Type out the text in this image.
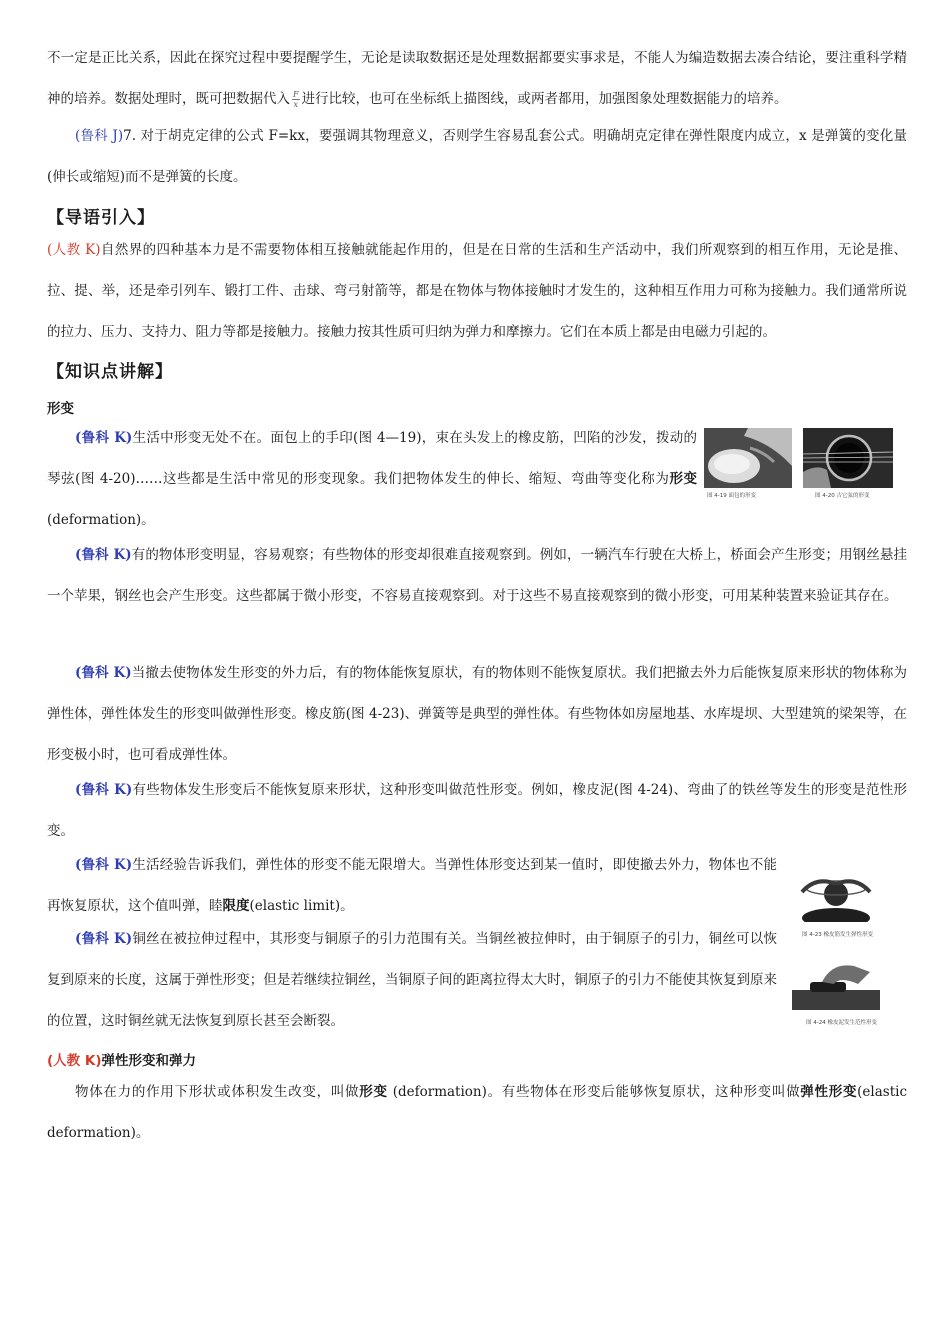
不一定是正比关系，因此在探究过程中要提醒学生，无论是读取数据还是处理数据都要实事求是，不能人为编造数据去凑合结论，要注重科学精神的培养。数据处理时，既可把数据代入 $\frac{F}{x}$ 进行比较，也可在坐标纸上描图线，或两者都用，加强图象处理数据能力的培养。

(鲁科 J)7. 对于胡克定律的公式 F=kx，要强调其物理意义，否则学生容易乱套公式。明确胡克定律在弹性限度内成立，x 是弹簧的变化量(伸长或缩短)而不是弹簧的长度。

【导语引入】

(人教 K)自然界的四种基本力是不需要物体相互接触就能起作用的，但是在日常的生活和生产活动中，我们所观察到的相互作用，无论是推、拉、提、举，还是牵引列车、锻打工件、击球、弯弓射箭等，都是在物体与物体接触时才发生的，这种相互作用力可称为接触力。我们通常所说的拉力、压力、支持力、阻力等都是接触力。接触力按其性质可归纳为弹力和摩擦力。它们在本质上都是由电磁力引起的。

【知识点讲解】
形变

(鲁科 K)生活中形变无处不在。面包上的手印(图 4—19)，束在头发上的橡皮筋，凹陷的沙发，拨动的琴弦(图 4-20)……这些都是生活中常见的形变现象。我们把物体发生的伸长、缩短、弯曲等变化称为形变(deformation)。

图 4-19 面包的形变	图 4-20 吉它弦的形变

(鲁科 K)有的物体形变明显，容易观察；有些物体的形变却很难直接观察到。例如，一辆汽车行驶在大桥上，桥面会产生形变；用钢丝悬挂一个苹果，钢丝也会产生形变。这些都属于微小形变，不容易直接观察到。对于这些不易直接观察到的微小形变，可用某种装置来验证其存在。

(鲁科 K)当撤去使物体发生形变的外力后，有的物体能恢复原状，有的物体则不能恢复原状。我们把撤去外力后能恢复原来形状的物体称为弹性体，弹性体发生的形变叫做弹性形变。橡皮筋(图 4-23)、弹簧等是典型的弹性体。有些物体如房屋地基、水库堤坝、大型建筑的梁架等，在形变极小时，也可看成弹性体。

(鲁科 K)有些物体发生形变后不能恢复原来形状，这种形变叫做范性形变。例如，橡皮泥(图 4-24)、弯曲了的铁丝等发生的形变是范性形变。

(鲁科 K)生活经验告诉我们，弹性体的形变不能无限增大。当弹性体形变达到某一值时，即使撤去外力，物体也不能再恢复原状，这个值叫弹，睦限度(elastic limit)。

图 4-23 橡皮筋发生弹性形变

(鲁科 K)铜丝在被拉伸过程中，其形变与铜原子的引力范围有关。当铜丝被拉伸时，由于铜原子的引力，铜丝可以恢复到原来的长度，这属于弹性形变；但是若继续拉铜丝，当铜原子间的距离拉得太大时，铜原子的引力不能使其恢复到原来的位置，这时铜丝就无法恢复到原长甚至会断裂。	图 4-24 橡皮泥发生范性形变
(人教 K)弹性形变和弹力

物体在力的作用下形状或体积发生改变，叫做形变 (deformation)。有些物体在形变后能够恢复原状，这种形变叫做弹性形变(elastic deformation)。
